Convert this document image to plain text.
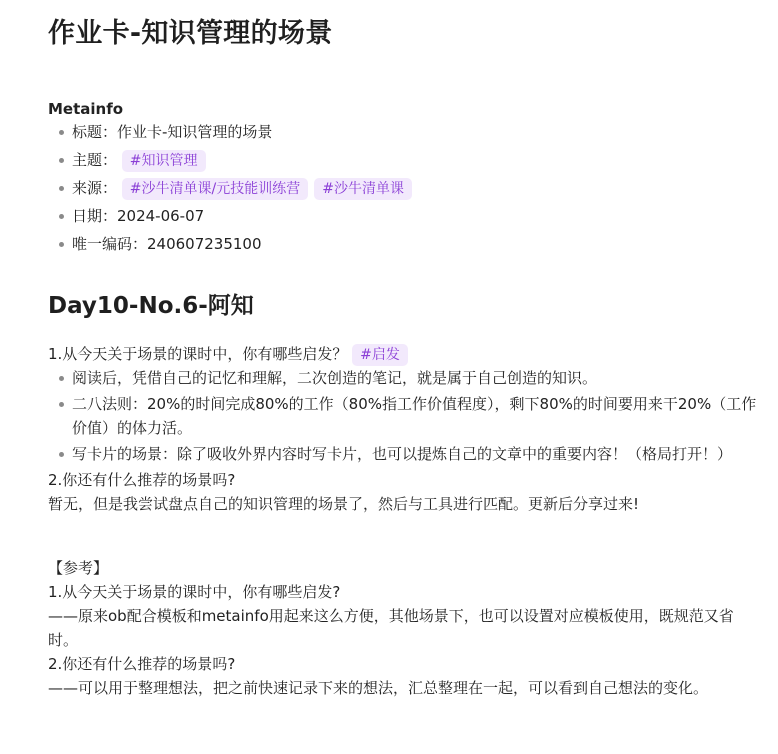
作业卡-知识管理的场景
Metainfo
标题：作业卡-知识管理的场景
主题： #知识管理
来源： #沙牛清单课/元技能训练营 #沙牛清单课
日期：2024-06-07
唯一编码：240607235100
Day10-No.6-阿知

1.从今天关于场景的课时中，你有哪些启发？ #启发

阅读后，凭借自己的记忆和理解，二次创造的笔记，就是属于自己创造的知识。
二八法则：20%的时间完成80%的工作（80%指工作价值程度），剩下80%的时间要用来干20%（工作价值）的体力活。
写卡片的场景：除了吸收外界内容时写卡片，也可以提炼自己的文章中的重要内容！（格局打开！）

2.你还有什么推荐的场景吗?

暂无，但是我尝试盘点自己的知识管理的场景了，然后与工具进行匹配。更新后分享过来!

【参考】

1.从今天关于场景的课时中，你有哪些启发?

——原来ob配合模板和metainfo用起来这么方便，其他场景下，也可以设置对应模板使用，既规范又省时。

2.你还有什么推荐的场景吗?

——可以用于整理想法，把之前快速记录下来的想法，汇总整理在一起，可以看到自己想法的变化。
